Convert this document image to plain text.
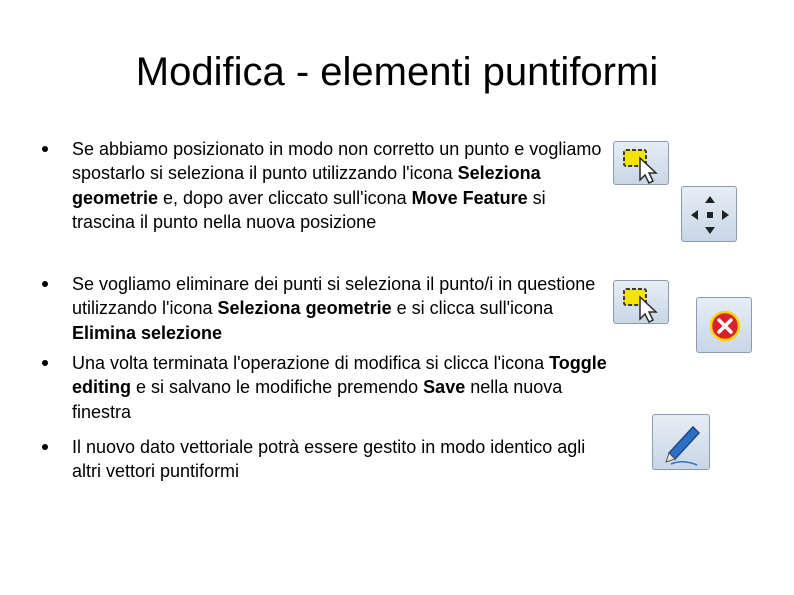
Modifica - elementi puntiformi
Se abbiamo posizionato in modo non corretto un punto e vogliamo spostarlo si seleziona il punto utilizzando l'icona Seleziona geometrie e, dopo aver cliccato sull'icona Move Feature si trascina il punto nella nuova posizione
Se vogliamo eliminare dei punti si seleziona il punto/i in questione utilizzando l'icona Seleziona geometrie e si clicca sull'icona Elimina selezione
Una volta terminata l'operazione di modifica si clicca l'icona Toggle editing e si salvano le modifiche premendo Save nella nuova finestra
Il nuovo dato vettoriale potrà essere gestito in modo identico agli altri vettori puntiformi
